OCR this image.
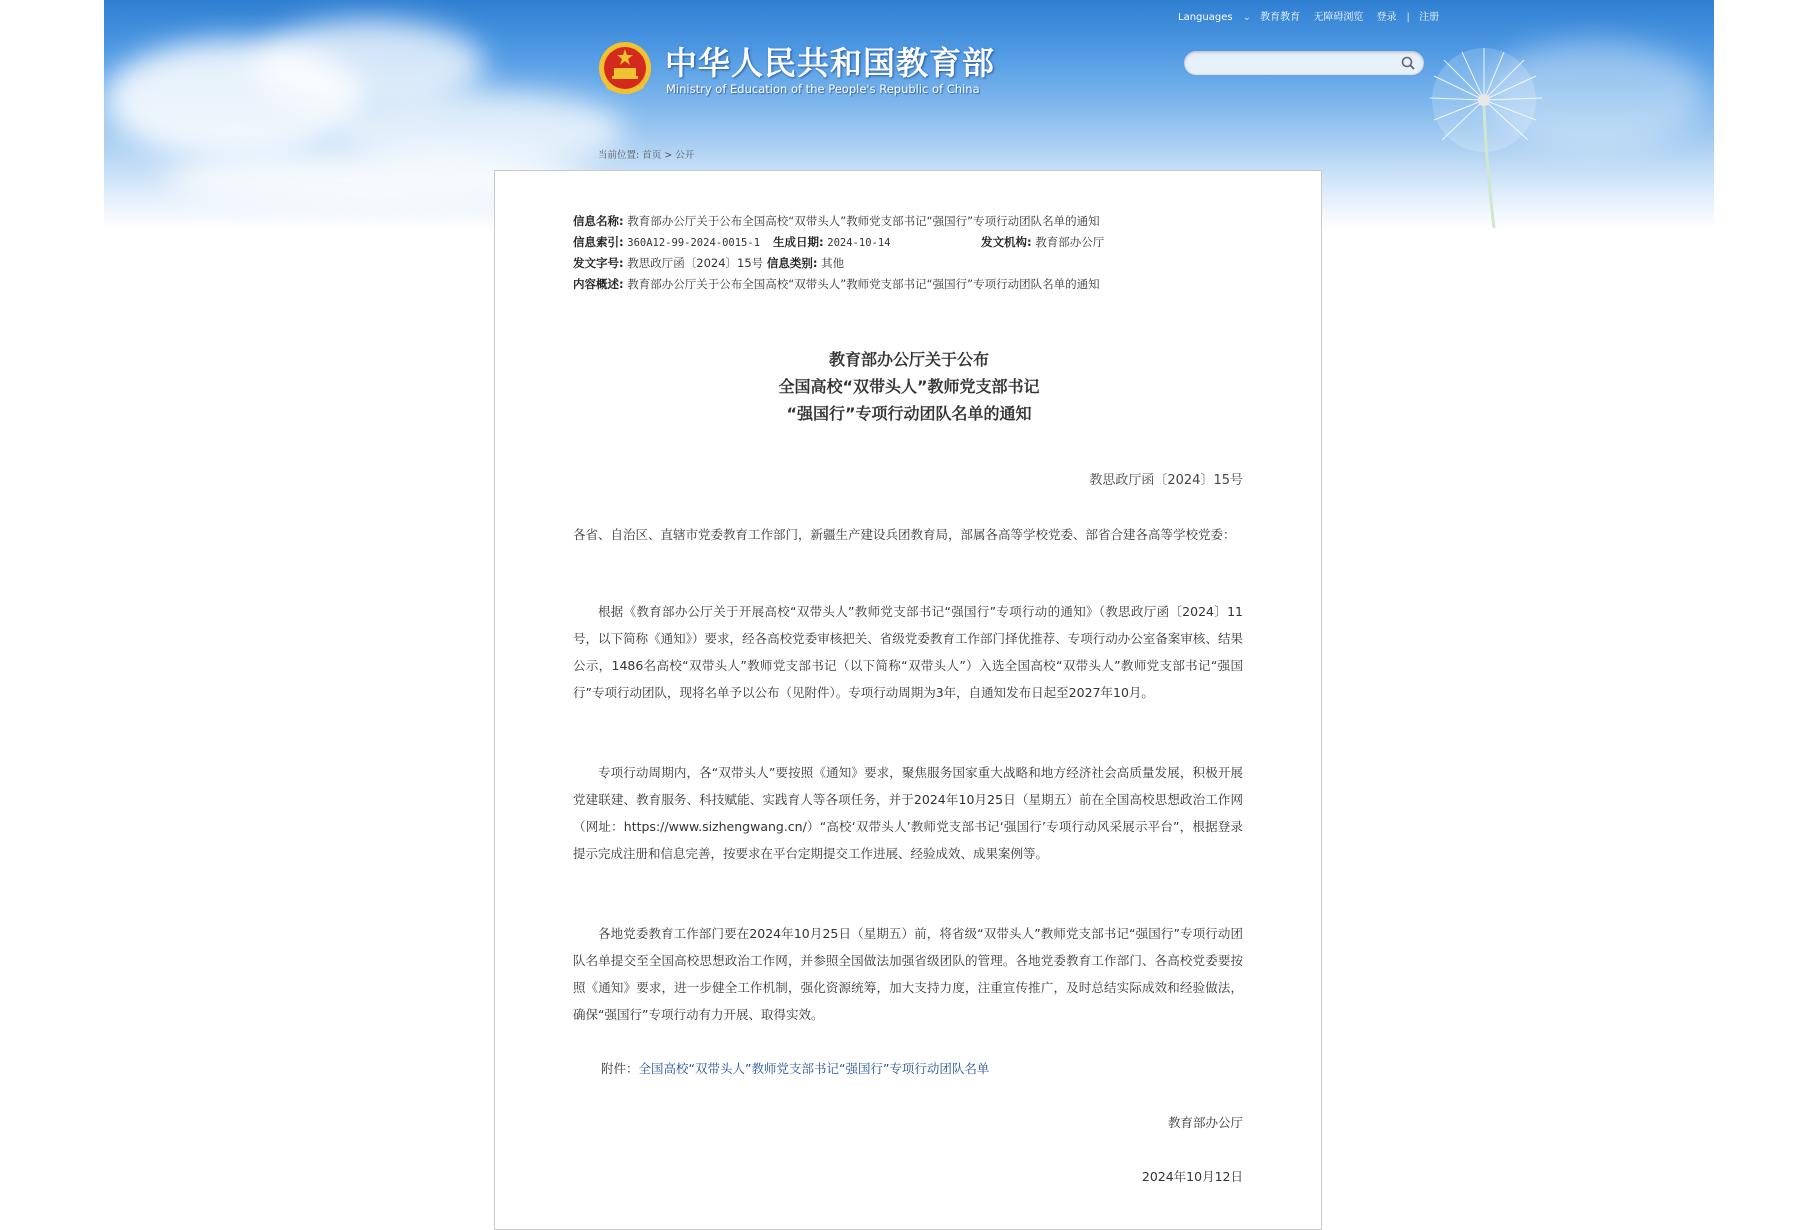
Languages ⌄ 教育教育 无障碍浏览 登录 | 注册
中华人民共和国教育部
Ministry of Education of the People's Republic of China
当前位置: 首页 > 公开
信息名称: 教育部办公厅关于公布全国高校“双带头人”教师党支部书记“强国行”专项行动团队名单的通知
信息索引: 360A12-99-2024-0015-1 生成日期: 2024-10-14	发文机构: 教育部办公厅
发文字号: 教思政厅函〔2024〕15号 信息类别: 其他
内容概述: 教育部办公厅关于公布全国高校“双带头人”教师党支部书记“强国行”专项行动团队名单的通知
教育部办公厅关于公布
全国高校“双带头人”教师党支部书记
“强国行”专项行动团队名单的通知
教思政厅函〔2024〕15号
各省、自治区、直辖市党委教育工作部门，新疆生产建设兵团教育局，部属各高等学校党委、部省合建各高等学校党委：
根据《教育部办公厅关于开展高校“双带头人”教师党支部书记“强国行”专项行动的通知》（教思政厅函〔2024〕11号，以下简称《通知》）要求，经各高校党委审核把关、省级党委教育工作部门择优推荐、专项行动办公室备案审核、结果公示，1486名高校“双带头人”教师党支部书记（以下简称“双带头人”）入选全国高校“双带头人”教师党支部书记“强国行”专项行动团队，现将名单予以公布（见附件）。专项行动周期为3年，自通知发布日起至2027年10月。
专项行动周期内，各“双带头人”要按照《通知》要求，聚焦服务国家重大战略和地方经济社会高质量发展，积极开展党建联建、教育服务、科技赋能、实践育人等各项任务，并于2024年10月25日（星期五）前在全国高校思想政治工作网（网址：https://www.sizhengwang.cn/）“高校‘双带头人’教师党支部书记‘强国行’专项行动风采展示平台”，根据登录提示完成注册和信息完善，按要求在平台定期提交工作进展、经验成效、成果案例等。
各地党委教育工作部门要在2024年10月25日（星期五）前，将省级“双带头人”教师党支部书记“强国行”专项行动团队名单提交至全国高校思想政治工作网，并参照全国做法加强省级团队的管理。各地党委教育工作部门、各高校党委要按照《通知》要求，进一步健全工作机制，强化资源统筹，加大支持力度，注重宣传推广，及时总结实际成效和经验做法，确保“强国行”专项行动有力开展、取得实效。
附件：全国高校“双带头人”教师党支部书记“强国行”专项行动团队名单
教育部办公厅
2024年10月12日
